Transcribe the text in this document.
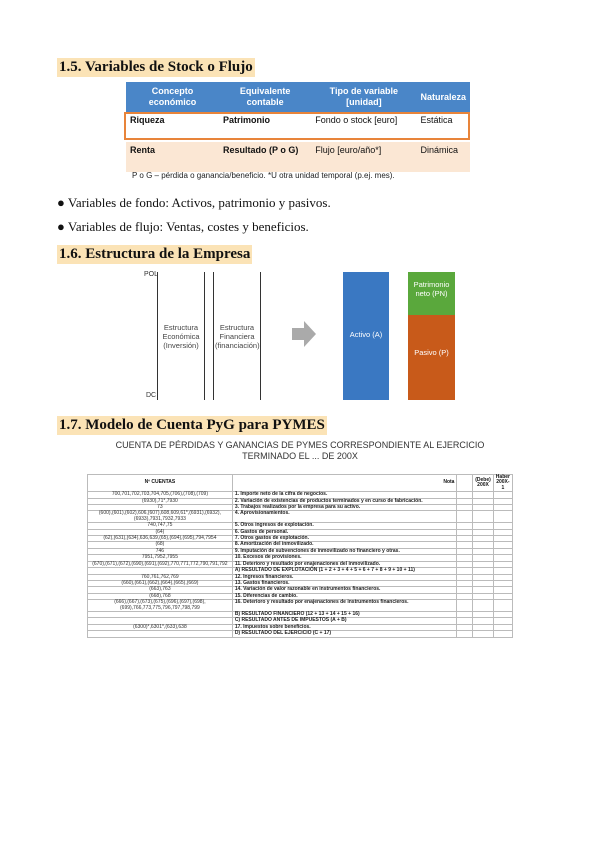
1.5. Variables de Stock o Flujo
Concepto económico	Equivalente contable	Tipo de variable [unidad]	Naturaleza
Riqueza	Patrimonio	Fondo o stock [euro]	Estática
Renta	Resultado (P o G)	Flujo [euro/año*]	Dinámica
P o G – pérdida o ganancia/beneficio. *U otra unidad temporal (p.ej. mes).
● Variables de fondo: Activos, patrimonio y pasivos.
● Variables de flujo: Ventas, costes y beneficios.
1.6. Estructura de la Empresa
POL
DC
Estructura Económica (Inversión)
Estructura Financiera (financiación)
Activo (A)
Patrimonio neto (PN)
Pasivo (P)
1.7. Modelo de Cuenta PyG para PYMES
CUENTA DE PÉRDIDAS Y GANANCIAS DE PYMES CORRESPONDIENTE AL EJERCICIO TERMINADO EL ... DE 200X
Nº CUENTAS	Nota		(Debe) 200X	Haber 200X-1
700,701,702,703,704,705,(706),(708),(709)	1. Importe neto de la cifra de negocios.			
(6930),71*,7930	2. Variación de existencias de productos terminados y en curso de fabricación.			
73	3. Trabajos realizados por la empresa para su activo.			
(600),(601),(602),606,(607),608,609,61*,(6931),(6932),(6933),7931,7932,7933	4. Aprovisionamientos.			
740,747,75	5. Otros ingresos de explotación.			
(64)	6. Gastos de personal.			
(62),(631),(634),636,639,(65),(694),(695),794,7954	7. Otros gastos de explotación.			
(68)	8. Amortización del inmovilizado.			
746	9. Imputación de subvenciones de inmovilizado no financiero y otras.			
7951,7952,7955	10. Excesos de provisiones.			
(670),(671),(672),(690),(691),(692),770,771,772,790,791,792	11. Deterioro y resultado por enajenaciones del inmovilizado.			
	A) RESULTADO DE EXPLOTACIÓN (1 + 2 + 3 + 4 + 5 + 6 + 7 + 8 + 9 + 10 + 11)			
760,761,762,769	12. Ingresos financieros.			
(660),(661),(662),(664),(665),(669)	13. Gastos financieros.			
(663),763	14. Variación de valor razonable en instrumentos financieros.			
(668),768	15. Diferencias de cambio.			
(666),(667),(673),(675),(696),(697),(698),(699),766,773,775,796,797,798,799	16. Deterioro y resultado por enajenaciones de instrumentos financieros.			
	B) RESULTADO FINANCIERO (12 + 13 + 14 + 15 + 16)			
	C) RESULTADO ANTES DE IMPUESTOS (A + B)			
(6300)*,6301*,(633),638	17. Impuestos sobre beneficios.			
	D) RESULTADO DEL EJERCICIO (C + 17)			
